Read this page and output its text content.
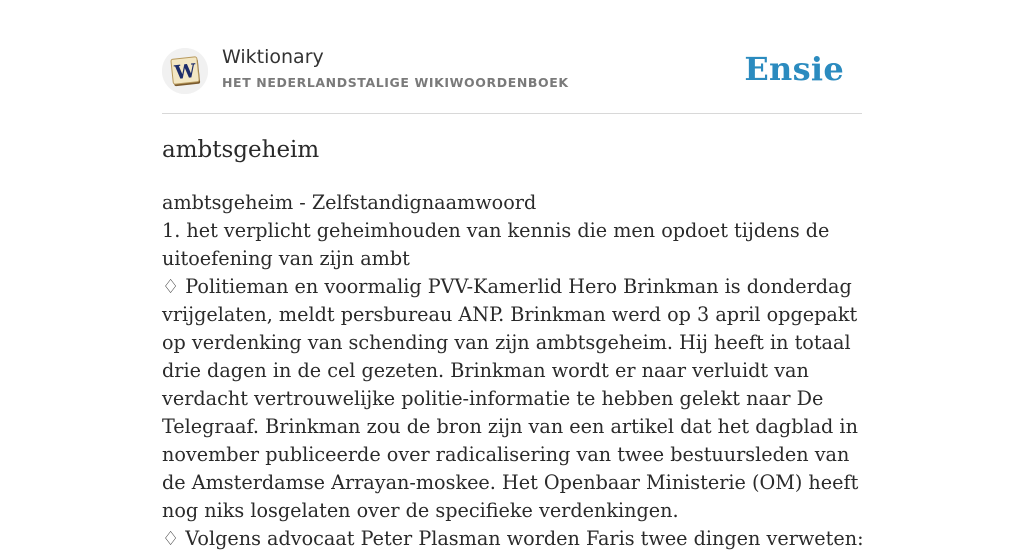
W
Wiktionary
HET NEDERLANDSTALIGE WIKIWOORDENBOEK	Ensie
ambtsgeheim

ambtsgeheim - Zelfstandignaamwoord

1. het verplicht geheimhouden van kennis die men opdoet tijdens de uitoefening van zijn ambt

♢ Politieman en voormalig PVV-Kamerlid Hero Brinkman is donderdag vrijgelaten, meldt persbureau ANP. Brinkman werd op 3 april opgepakt op verdenking van schending van zijn ambtsgeheim. Hij heeft in totaal drie dagen in de cel gezeten. Brinkman wordt er naar verluidt van verdacht vertrouwelijke politie-informatie te hebben gelekt naar De Telegraaf. Brinkman zou de bron zijn van een artikel dat het dagblad in november publiceerde over radicalisering van twee bestuursleden van de Amsterdamse Arrayan-moskee. Het Openbaar Ministerie (OM) heeft nog niks losgelaten over de specifieke verdenkingen.

♢ Volgens advocaat Peter Plasman worden Faris twee dingen verweten:
